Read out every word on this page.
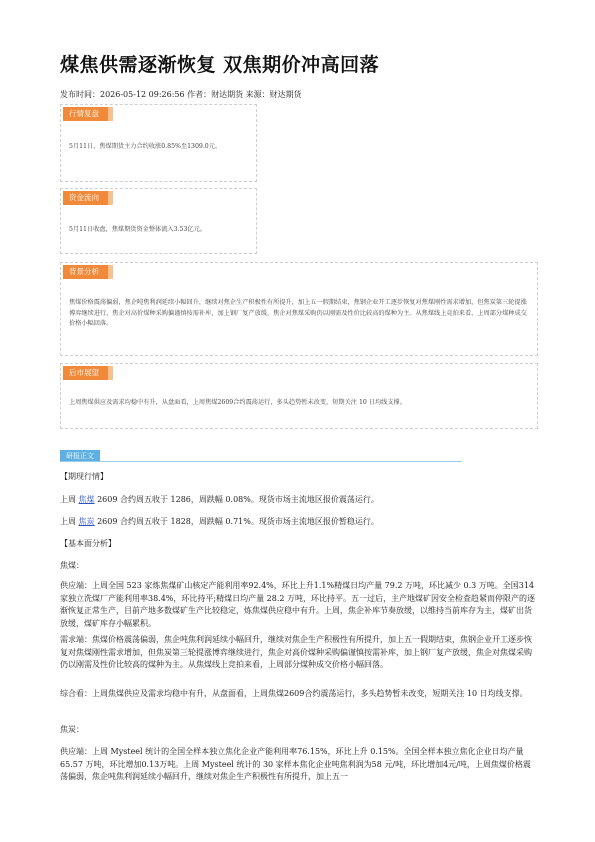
煤焦供需逐渐恢复 双焦期价冲高回落
发布时间：2026-05-12 09:26:56 作者：财达期货 来源：财达期货
行情复盘
5月11日，焦煤期货主力合约收涨0.85%至1309.0元。
资金流向
5月11日收盘，焦煤期货资金整体流入3.53亿元。
背景分析
焦煤价格震荡偏弱，焦企吨焦利润延续小幅回升，继续对焦企生产积极性有所提升，加上五一假期结束，焦钢企业开工逐步恢复对焦煤刚性需求增加，但焦炭第三轮提涨博弈继续进行，焦企对高价煤种采购偏谨慎按需补库，加上钢厂复产放缓，焦企对焦煤采购仍以刚需及性价比较高的煤种为主。从焦煤线上竞拍来看，上周部分煤种成交价格小幅回落。
后市展望
上周焦煤供应及需求均稳中有升，从盘面看，上周焦煤2609合约震荡运行，多头趋势暂未改变，短期关注 10 日均线支撑。
研报正文

【期现行情】

上周 焦煤 2609 合约周五收于 1286，周跌幅 0.08%。现货市场主流地区报价震荡运行。

上周 焦炭 2609 合约周五收于 1828，周跌幅 0.71%。现货市场主流地区报价暂稳运行。

【基本面分析】

焦煤：

供应端：上周全国 523 家炼焦煤矿山核定产能利用率92.4%，环比上升1.1%精煤日均产量 79.2 万吨，环比减少 0.3 万吨。全国314 家独立洗煤厂产能利用率38.4%，环比持平;精煤日均产量 28.2 万吨，环比持平。五一过后，主产地煤矿因安全检查趋紧而停限产的逐渐恢复正常生产，目前产地多数煤矿生产比较稳定，炼焦煤供应稳中有升。上周，焦企补库节奏放缓，以维持当前库存为主，煤矿出货放缓，煤矿库存小幅累积。

需求端：焦煤价格震荡偏弱，焦企吨焦利润延续小幅回升，继续对焦企生产积极性有所提升，加上五一假期结束，焦钢企业开工逐步恢复对焦煤刚性需求增加，但焦炭第三轮提涨博弈继续进行，焦企对高价煤种采购偏谨慎按需补库，加上钢厂复产放缓，焦企对焦煤采购仍以刚需及性价比较高的煤种为主。从焦煤线上竞拍来看，上周部分煤种成交价格小幅回落。

综合看：上周焦煤供应及需求均稳中有升，从盘面看，上周焦煤2609合约震荡运行，多头趋势暂未改变，短期关注 10 日均线支撑。

焦炭：

供应端：上周 Mysteel 统计的全国全样本独立焦化企业产能利用率76.15%，环比上升 0.15%。全国全样本独立焦化企业日均产量 65.57 万吨，环比增加0.13万吨。上周 Mysteel 统计的 30 家样本焦化企业吨焦利润为58 元/吨，环比增加4元/吨，上周焦煤价格震荡偏弱，焦企吨焦利润延续小幅回升，继续对焦企生产积极性有所提升，加上五一
